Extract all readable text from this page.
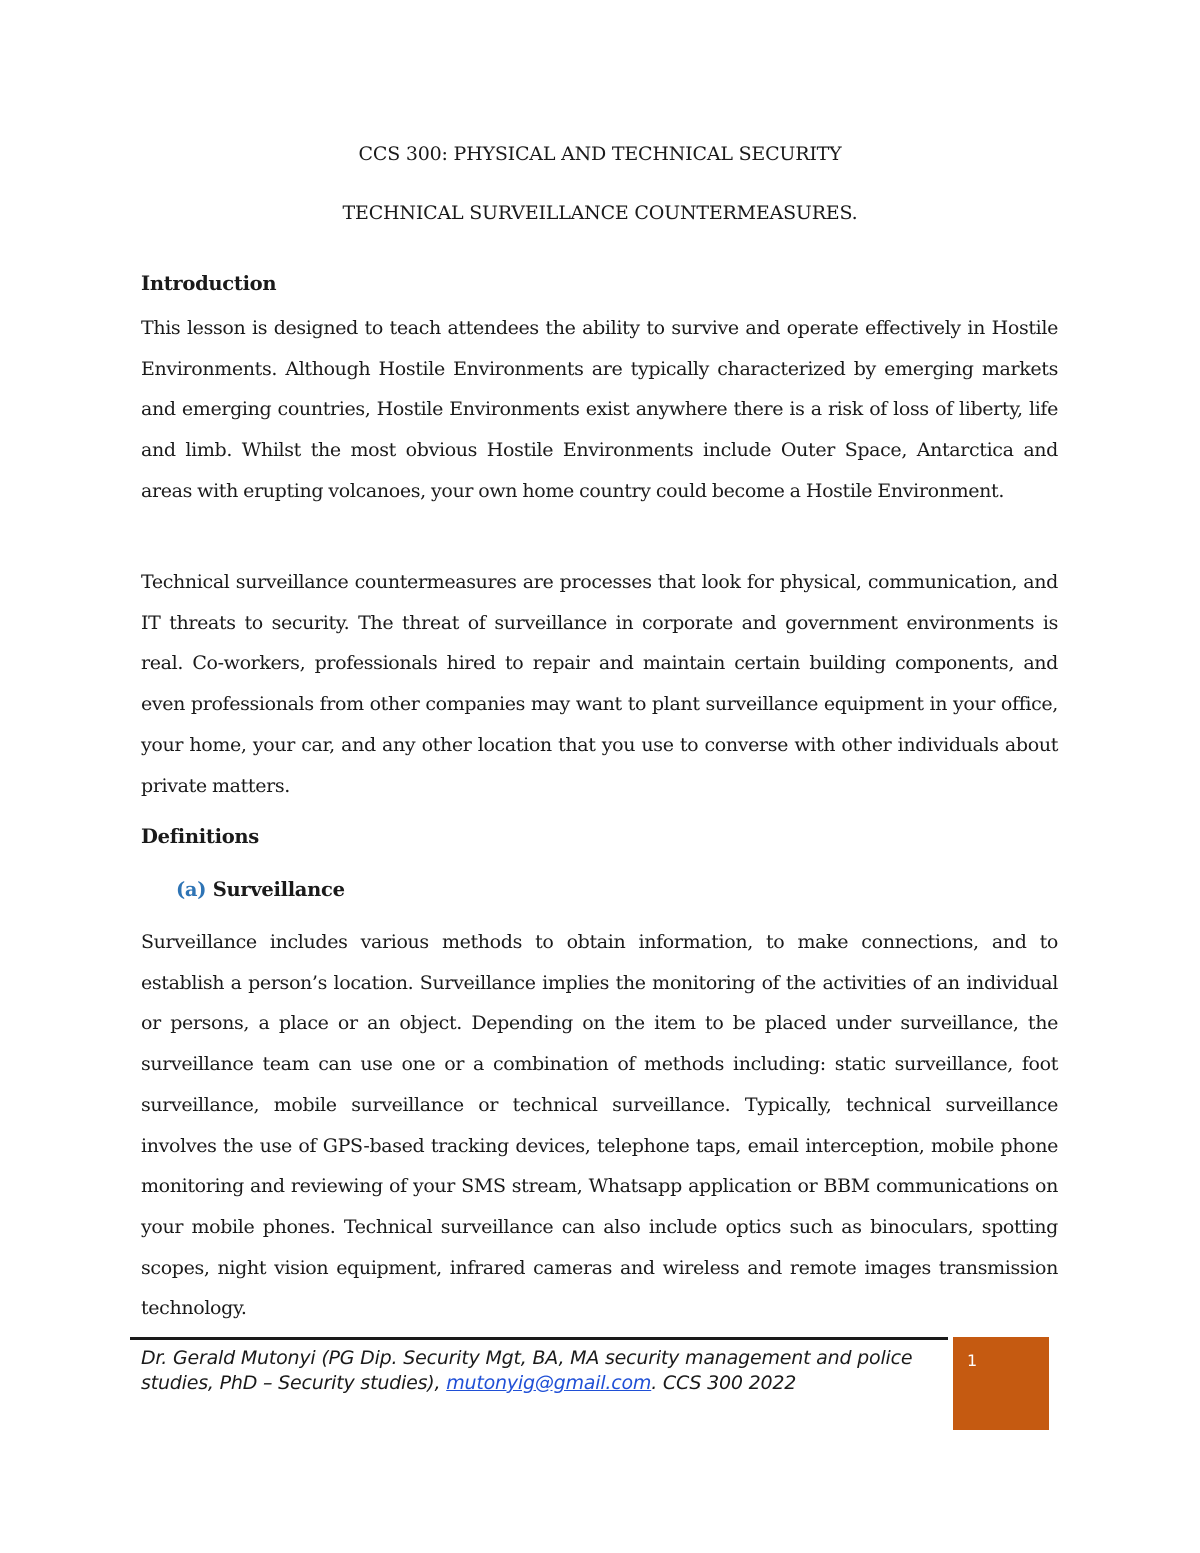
CCS 300: PHYSICAL AND TECHNICAL SECURITY
TECHNICAL SURVEILLANCE COUNTERMEASURES.
Introduction
This lesson is designed to teach attendees the ability to survive and operate effectively in Hostile Environments. Although Hostile Environments are typically characterized by emerging markets and emerging countries, Hostile Environments exist anywhere there is a risk of loss of liberty, life and limb. Whilst the most obvious Hostile Environments include Outer Space, Antarctica and areas with erupting volcanoes, your own home country could become a Hostile Environment.
Technical surveillance countermeasures are processes that look for physical, communication, and IT threats to security. The threat of surveillance in corporate and government environments is real. Co-workers, professionals hired to repair and maintain certain building components, and even professionals from other companies may want to plant surveillance equipment in your office, your home, your car, and any other location that you use to converse with other individuals about private matters.
Definitions
(a) Surveillance
Surveillance includes various methods to obtain information, to make connections, and to establish a person’s location. Surveillance implies the monitoring of the activities of an individual or persons, a place or an object. Depending on the item to be placed under surveillance, the surveillance team can use one or a combination of methods including: static surveillance, foot surveillance, mobile surveillance or technical surveillance. Typically, technical surveillance involves the use of GPS-based tracking devices, telephone taps, email interception, mobile phone monitoring and reviewing of your SMS stream, Whatsapp application or BBM communications on your mobile phones. Technical surveillance can also include optics such as binoculars, spotting scopes, night vision equipment, infrared cameras and wireless and remote images transmission technology.
Dr. Gerald Mutonyi (PG Dip. Security Mgt, BA, MA security management and police studies, PhD – Security studies), mutonyig@gmail.com. CCS 300 2022
1
